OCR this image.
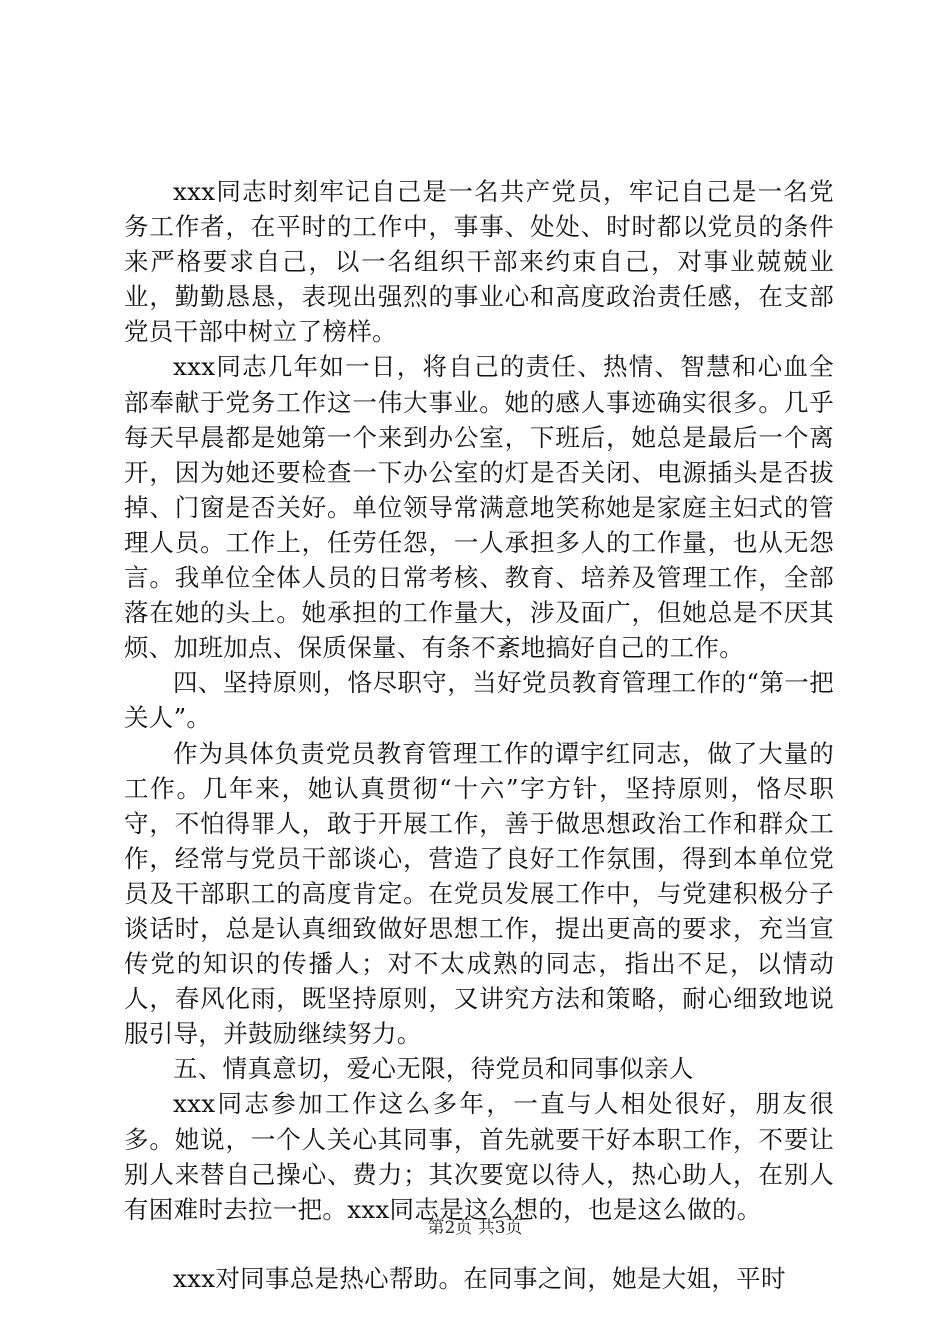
xxx同志时刻牢记自己是一名共产党员，牢记自己是一名党务工作者，在平时的工作中，事事、处处、时时都以党员的条件来严格要求自己，以一名组织干部来约束自己，对事业兢兢业业，勤勤恳恳，表现出强烈的事业心和高度政治责任感，在支部党员干部中树立了榜样。

xxx同志几年如一日，将自己的责任、热情、智慧和心血全部奉献于党务工作这一伟大事业。她的感人事迹确实很多。几乎每天早晨都是她第一个来到办公室，下班后，她总是最后一个离开，因为她还要检查一下办公室的灯是否关闭、电源插头是否拔掉、门窗是否关好。单位领导常满意地笑称她是家庭主妇式的管理人员。工作上，任劳任怨，一人承担多人的工作量，也从无怨言。我单位全体人员的日常考核、教育、培养及管理工作，全部落在她的头上。她承担的工作量大，涉及面广，但她总是不厌其烦、加班加点、保质保量、有条不紊地搞好自己的工作。

四、坚持原则，恪尽职守，当好党员教育管理工作的“第一把关人”。

作为具体负责党员教育管理工作的谭宇红同志，做了大量的工作。几年来，她认真贯彻“十六”字方针，坚持原则，恪尽职守，不怕得罪人，敢于开展工作，善于做思想政治工作和群众工作，经常与党员干部谈心，营造了良好工作氛围，得到本单位党员及干部职工的高度肯定。在党员发展工作中，与党建积极分子谈话时，总是认真细致做好思想工作，提出更高的要求，充当宣传党的知识的传播人；对不太成熟的同志，指出不足，以情动人，春风化雨，既坚持原则，又讲究方法和策略，耐心细致地说服引导，并鼓励继续努力。

五、情真意切，爱心无限，待党员和同事似亲人

xxx同志参加工作这么多年，一直与人相处很好，朋友很多。她说，一个人关心其同事，首先就要干好本职工作，不要让别人来替自己操心、费力；其次要宽以待人，热心助人，在别人有困难时去拉一把。xxx同志是这么想的，也是这么做的。

xxx对同事总是热心帮助。在同事之间，她是大姐，平时

第2页 共3页
